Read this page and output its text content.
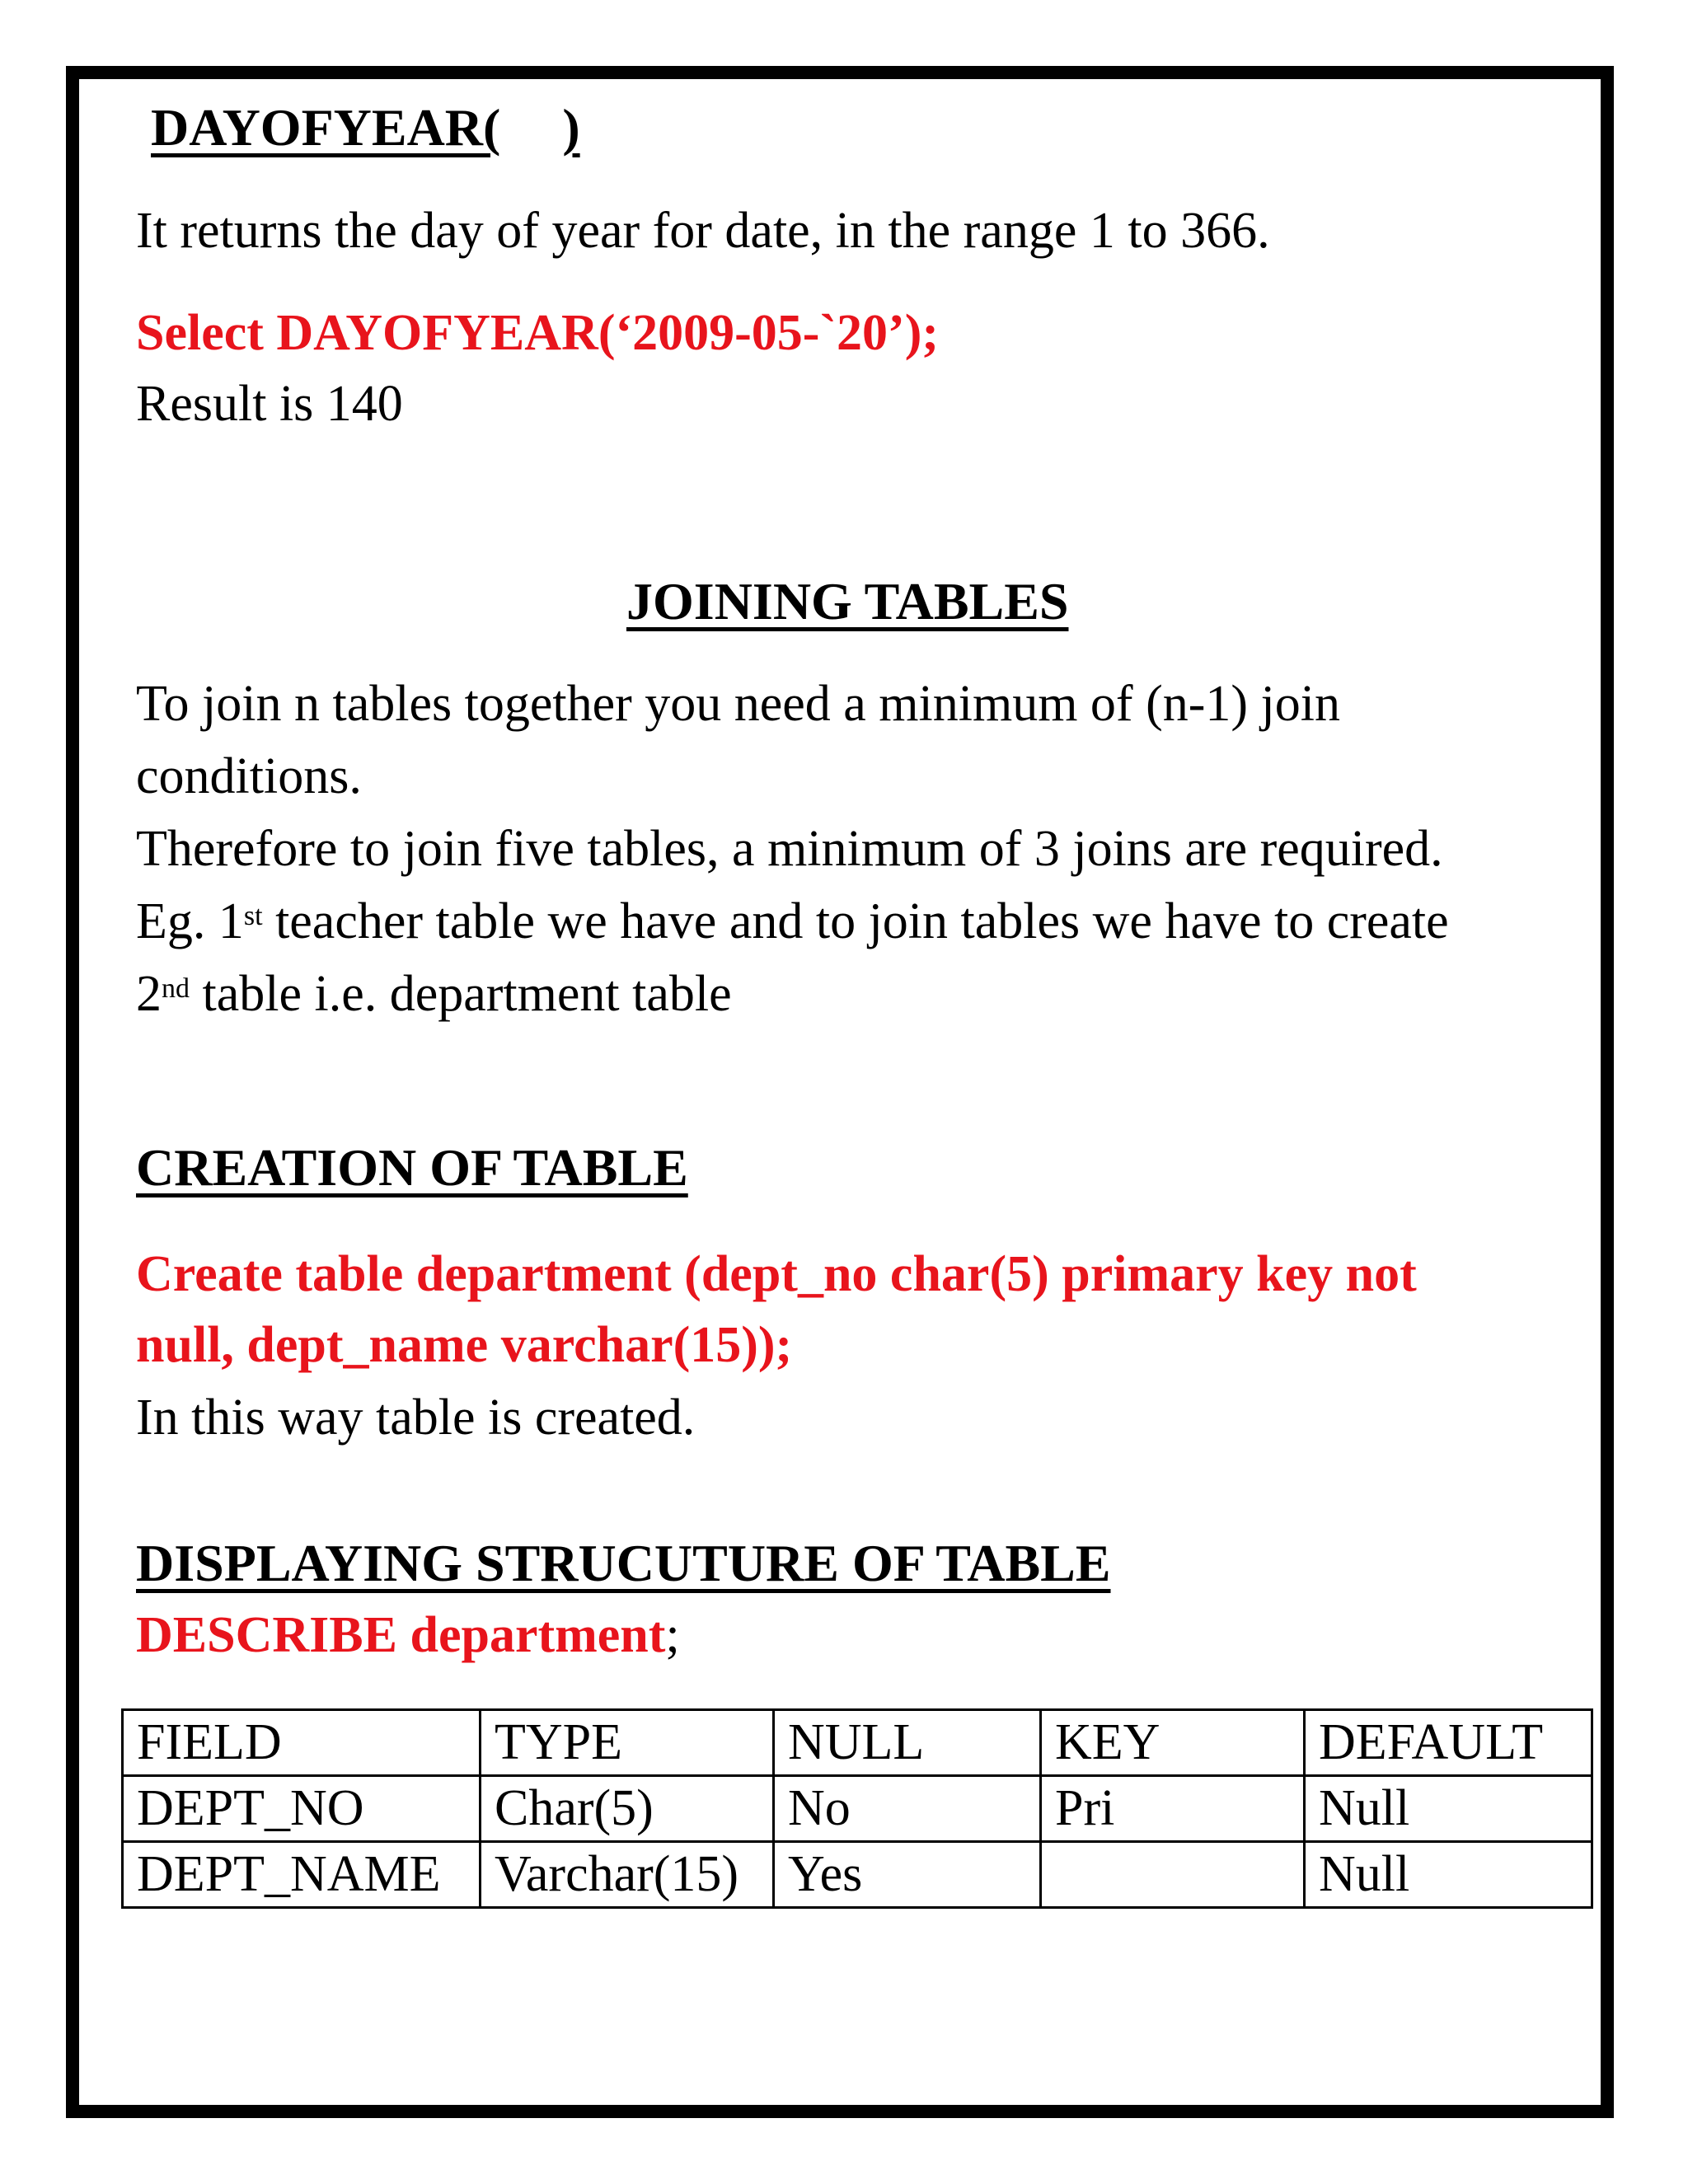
DAYOFYEAR( )
It returns the day of year for date, in the range 1 to 366.
Select DAYOFYEAR(‘2009-05-`20’);
Result is 140
JOINING TABLES
To join n tables together you need a minimum of (n-1) join
conditions.
Therefore to join five tables, a minimum of 3 joins are required.
Eg. 1st teacher table we have and to join tables we have to create
2nd table i.e. department table
CREATION OF TABLE
Create table department (dept_no char(5) primary key not
null, dept_name varchar(15));
In this way table is created.
DISPLAYING STRUCUTURE OF TABLE
DESCRIBE department;
FIELD	TYPE	NULL	KEY	DEFAULT
DEPT_NO	Char(5)	No	Pri	Null
DEPT_NAME	Varchar(15)	Yes		Null
